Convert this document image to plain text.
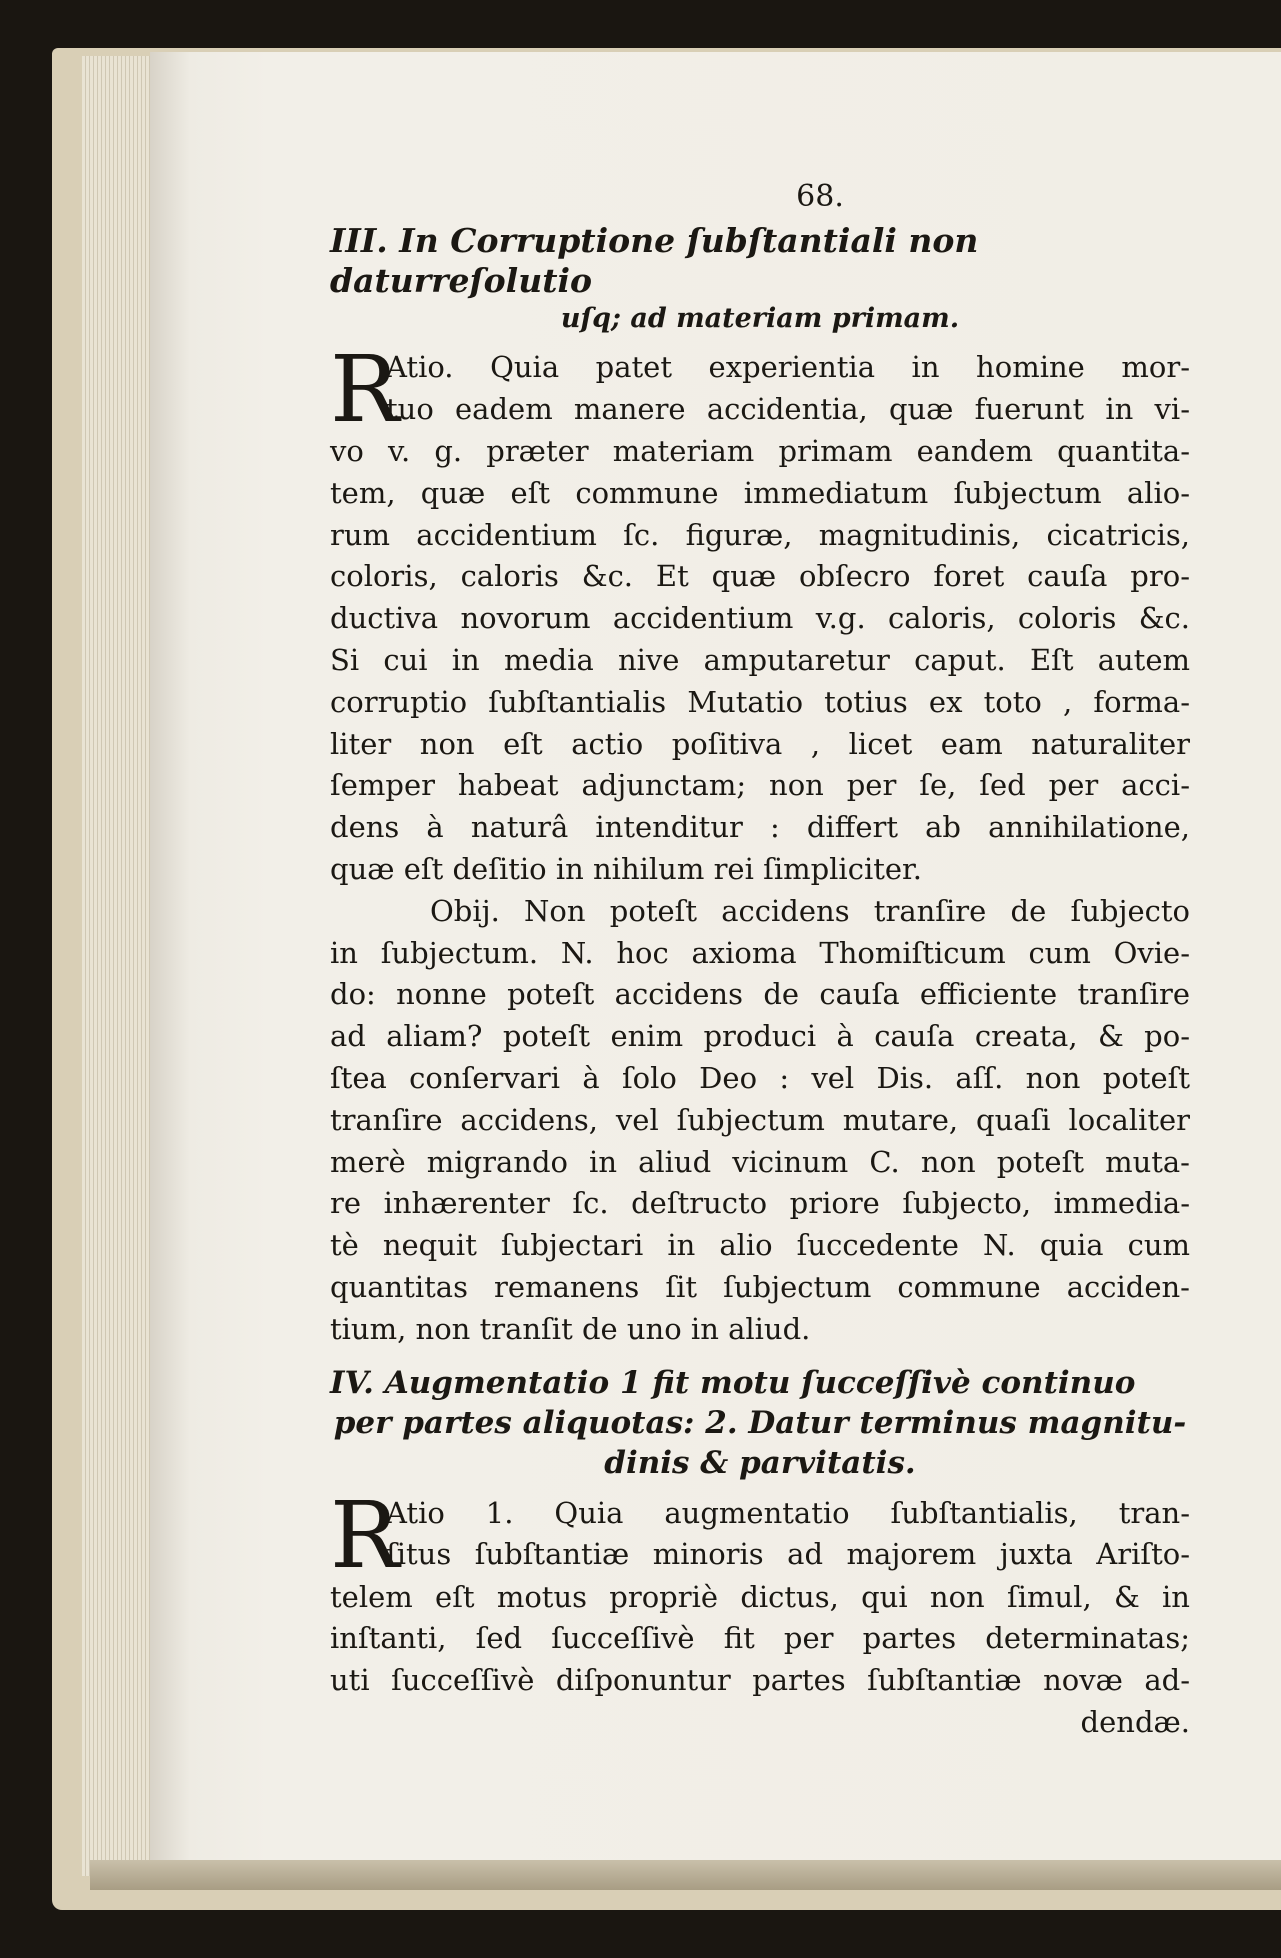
68.
III. In Corruptione ſubſtantiali non daturreſolutio
uſq; ad materiam primam.
R
Atio. Quia patet experientia in homine mor-
tuo eadem manere accidentia, quæ fuerunt in vi-
vo v. g. præter materiam primam eandem quantita-
tem, quæ eſt commune immediatum ſubjectum alio-
rum accidentium ſc. figuræ, magnitudinis, cicatricis,
coloris, caloris &c. Et quæ obſecro foret cauſa pro-
ductiva novorum accidentium v.g. caloris, coloris &c.
Si cui in media nive amputaretur caput. Eſt autem
corruptio ſubſtantialis Mutatio totius ex toto , forma-
liter non eſt actio poſitiva , licet eam naturaliter
ſemper habeat adjunctam; non per ſe, ſed per acci-
dens à naturâ intenditur : differt ab annihilatione,
quæ eſt deſitio in nihilum rei ſimpliciter.
Obij. Non poteſt accidens tranſire de ſubjecto
in ſubjectum. N. hoc axioma Thomiſticum cum Ovie-
do: nonne poteſt accidens de cauſa efficiente tranſire
ad aliam? poteſt enim produci à cauſa creata, & po-
ſtea conſervari à ſolo Deo : vel Dis. aſſ. non poteſt
tranſire accidens, vel ſubjectum mutare, quaſi localiter
merè migrando in aliud vicinum C. non poteſt muta-
re inhærenter ſc. deſtructo priore ſubjecto, immedia-
tè nequit ſubjectari in alio ſuccedente N. quia cum
quantitas remanens ſit ſubjectum commune acciden-
tium, non tranſit de uno in aliud.
IV. Augmentatio 1 fit motu ſucceſſivè continuo
per partes aliquotas: 2. Datur terminus magnitu-
dinis & parvitatis.
R
Atio 1. Quia augmentatio ſubſtantialis, tran-
ſitus ſubſtantiæ minoris ad majorem juxta Ariſto-
telem eſt motus propriè dictus, qui non ſimul, & in
inſtanti, ſed ſucceſſivè fit per partes determinatas;
uti ſucceſſivè diſponuntur partes ſubſtantiæ novæ ad-
dendæ.
